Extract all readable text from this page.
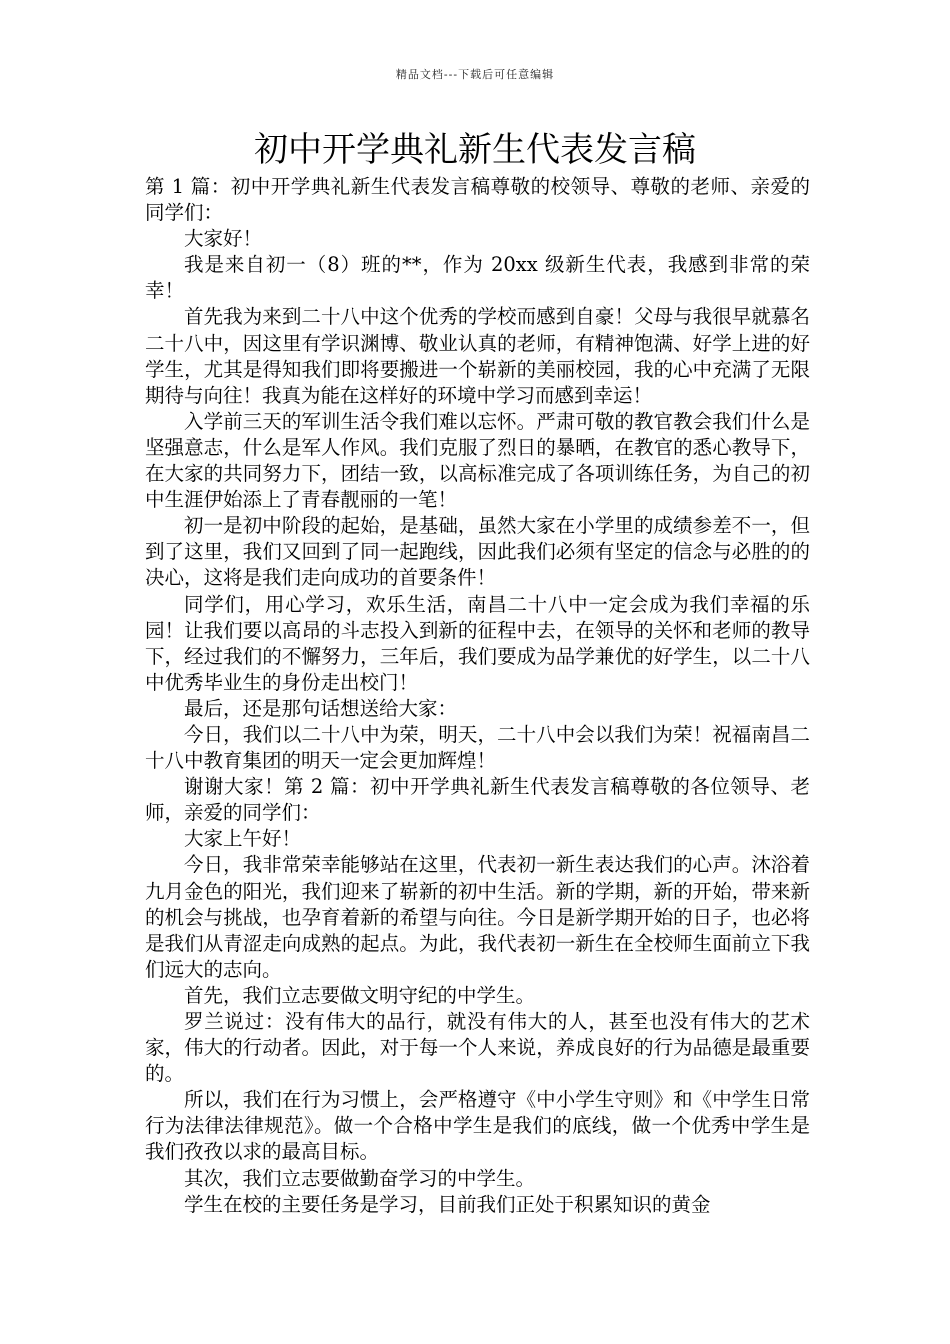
精品文档---下载后可任意编辑
初中开学典礼新生代表发言稿

第 1 篇：初中开学典礼新生代表发言稿尊敬的校领导、尊敬的老师、亲爱的同学们：

大家好！

我是来自初一（8）班的**，作为 20xx 级新生代表，我感到非常的荣幸！

首先我为来到二十八中这个优秀的学校而感到自豪！父母与我很早就慕名二十八中，因这里有学识渊博、敬业认真的老师，有精神饱满、好学上进的好学生，尤其是得知我们即将要搬进一个崭新的美丽校园，我的心中充满了无限期待与向往！我真为能在这样好的环境中学习而感到幸运！

入学前三天的军训生活令我们难以忘怀。严肃可敬的教官教会我们什么是坚强意志，什么是军人作风。我们克服了烈日的暴晒，在教官的悉心教导下，在大家的共同努力下，团结一致，以高标准完成了各项训练任务，为自己的初中生涯伊始添上了青春靓丽的一笔！

初一是初中阶段的起始，是基础，虽然大家在小学里的成绩参差不一，但到了这里，我们又回到了同一起跑线，因此我们必须有坚定的信念与必胜的的决心，这将是我们走向成功的首要条件！

同学们，用心学习，欢乐生活，南昌二十八中一定会成为我们幸福的乐园！让我们要以高昂的斗志投入到新的征程中去，在领导的关怀和老师的教导下，经过我们的不懈努力，三年后，我们要成为品学兼优的好学生，以二十八中优秀毕业生的身份走出校门！

最后，还是那句话想送给大家：

今日，我们以二十八中为荣，明天，二十八中会以我们为荣！祝福南昌二十八中教育集团的明天一定会更加辉煌！

谢谢大家！第 2 篇：初中开学典礼新生代表发言稿尊敬的各位领导、老师，亲爱的同学们：

大家上午好！

今日，我非常荣幸能够站在这里，代表初一新生表达我们的心声。沐浴着九月金色的阳光，我们迎来了崭新的初中生活。新的学期，新的开始，带来新的机会与挑战，也孕育着新的希望与向往。今日是新学期开始的日子，也必将是我们从青涩走向成熟的起点。为此，我代表初一新生在全校师生面前立下我们远大的志向。

首先，我们立志要做文明守纪的中学生。

罗兰说过：没有伟大的品行，就没有伟大的人，甚至也没有伟大的艺术家，伟大的行动者。因此，对于每一个人来说，养成良好的行为品德是最重要的。

所以，我们在行为习惯上，会严格遵守《中小学生守则》和《中学生日常行为法律法律规范》。做一个合格中学生是我们的底线，做一个优秀中学生是我们孜孜以求的最高目标。

其次，我们立志要做勤奋学习的中学生。

学生在校的主要任务是学习，目前我们正处于积累知识的黄金
